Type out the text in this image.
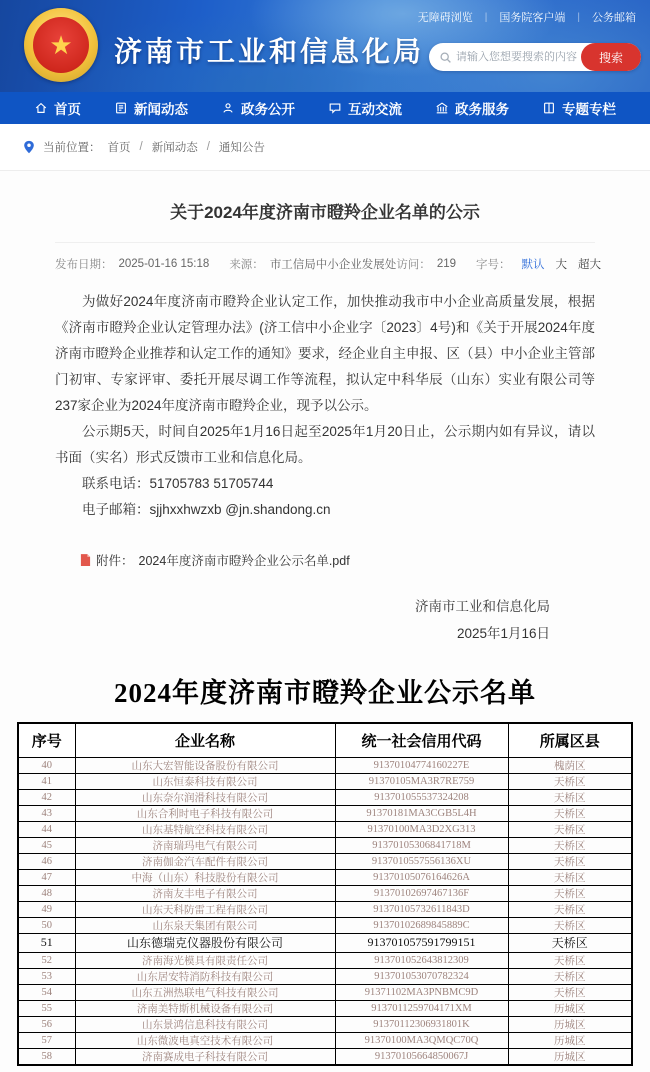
无障碍浏览 | 国务院客户端 | 公务邮箱
★	济南市工业和信息化局
请输入您想要搜索的内容	搜索
首页	新闻动态	政务公开	互动交流	政务服务	专题专栏
当前位置： 首页 / 新闻动态 / 通知公告
关于2024年度济南市瞪羚企业名单的公示
发布日期： 2025-01-16 15:18 来源： 市工信局中小企业发展处 访问： 219 字号： 默认 大 超大

为做好2024年度济南市瞪羚企业认定工作，加快推动我市中小企业高质量发展，根据《济南市瞪羚企业认定管理办法》(济工信中小企业字〔2023〕4号)和《关于开展2024年度济南市瞪羚企业推荐和认定工作的通知》要求，经企业自主申报、区（县）中小企业主管部门初审、专家评审、委托开展尽调工作等流程，拟认定中科华辰（山东）实业有限公司等237家企业为2024年度济南市瞪羚企业，现予以公示。

公示期5天，时间自2025年1月16日起至2025年1月20日止，公示期内如有异议，请以书面（实名）形式反馈市工业和信息化局。

联系电话：51705783 51705744

电子邮箱：sjjhxxhwzxb @jn.shandong.cn

附件： 2024年度济南市瞪羚企业公示名单.pdf
济南市工业和信息化局
2025年1月16日
2024年度济南市瞪羚企业公示名单
序号	企业名称	统一社会信用代码	所属区县
40	山东大宏智能设备股份有限公司	91370104774160227E	槐荫区
41	山东恒泰科技有限公司	91370105MA3R7RE759	天桥区
42	山东奈尔润滑科技有限公司	913701055537324208	天桥区
43	山东合利时电子科技有限公司	91370181MA3CGB5L4H	天桥区
44	山东基特航空科技有限公司	91370100MA3D2XG313	天桥区
45	济南瑞玛电气有限公司	91370105306841718M	天桥区
46	济南伽金汽车配件有限公司	9137010557556136XU	天桥区
47	中海（山东）科技股份有限公司	91370105076164626A	天桥区
48	济南友丰电子有限公司	91370102697467136F	天桥区
49	山东天科防雷工程有限公司	91370105732611843D	天桥区
50	山东泉天集团有限公司	91370102689845889C	天桥区
51	山东德瑞克仪器股份有限公司	913701057591799151	天桥区
52	济南海光模具有限责任公司	913701052643812309	天桥区
53	山东居安特消防科技有限公司	913701053070782324	天桥区
54	山东五洲热联电气科技有限公司	91371102MA3PNBMC9D	天桥区
55	济南美特斯机械设备有限公司	9137011259704171XM	历城区
56	山东景鸿信息科技有限公司	91370112306931801K	历城区
57	山东微波电真空技术有限公司	91370100MA3QMQC70Q	历城区
58	济南赛成电子科技有限公司	91370105664850067J	历城区
